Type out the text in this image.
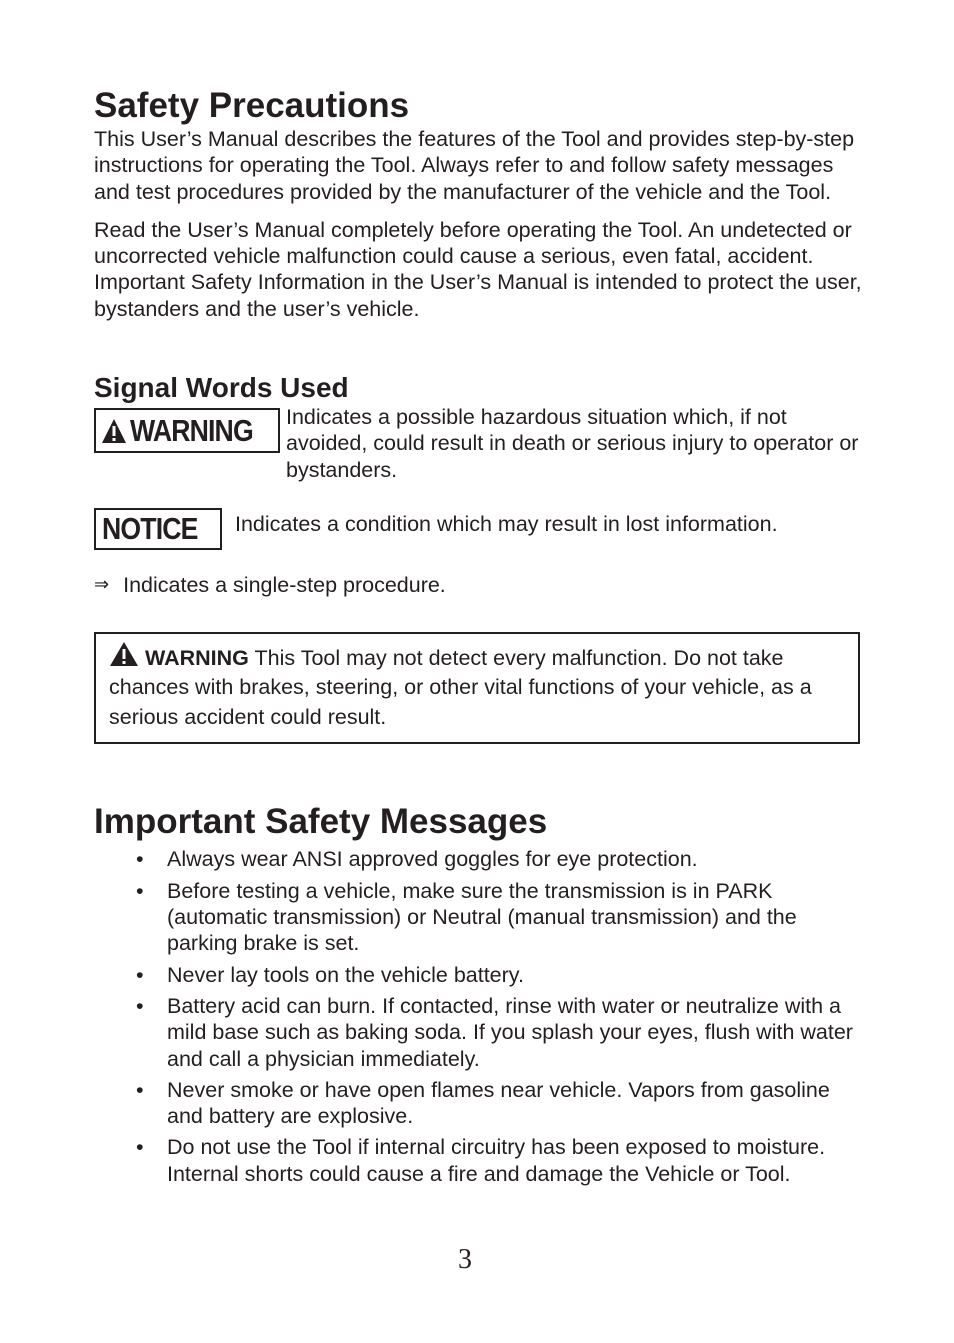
Safety Precautions

This User’s Manual describes the features of the Tool and provides step-by-step instructions for operating the Tool. Always refer to and follow safety messages and test procedures provided by the manufacturer of the vehicle and the Tool.

Read the User’s Manual completely before operating the Tool. An undetected or uncorrected vehicle malfunction could cause a serious, even fatal, accident. Important Safety Information in the User’s Manual is intended to protect the user, bystanders and the user’s vehicle.

Signal Words Used
WARNING Indicates a possible hazardous situation which, if not avoided, could result in death or serious injury to operator or bystanders.
NOTICE Indicates a condition which may result in lost information.
⇒ Indicates a single-step procedure.
WARNING This Tool may not detect every malfunction. Do not take chances with brakes, steering, or other vital functions of your vehicle, as a serious accident could result.
Important Safety Messages
• Always wear ANSI approved goggles for eye protection.
• Before testing a vehicle, make sure the transmission is in PARK (automatic transmission) or Neutral (manual transmission) and the parking brake is set.
• Never lay tools on the vehicle battery.
• Battery acid can burn. If contacted, rinse with water or neutralize with a mild base such as baking soda. If you splash your eyes, flush with water and call a physician immediately.
• Never smoke or have open flames near vehicle. Vapors from gasoline and battery are explosive.
• Do not use the Tool if internal circuitry has been exposed to moisture. Internal shorts could cause a fire and damage the Vehicle or Tool.
3
